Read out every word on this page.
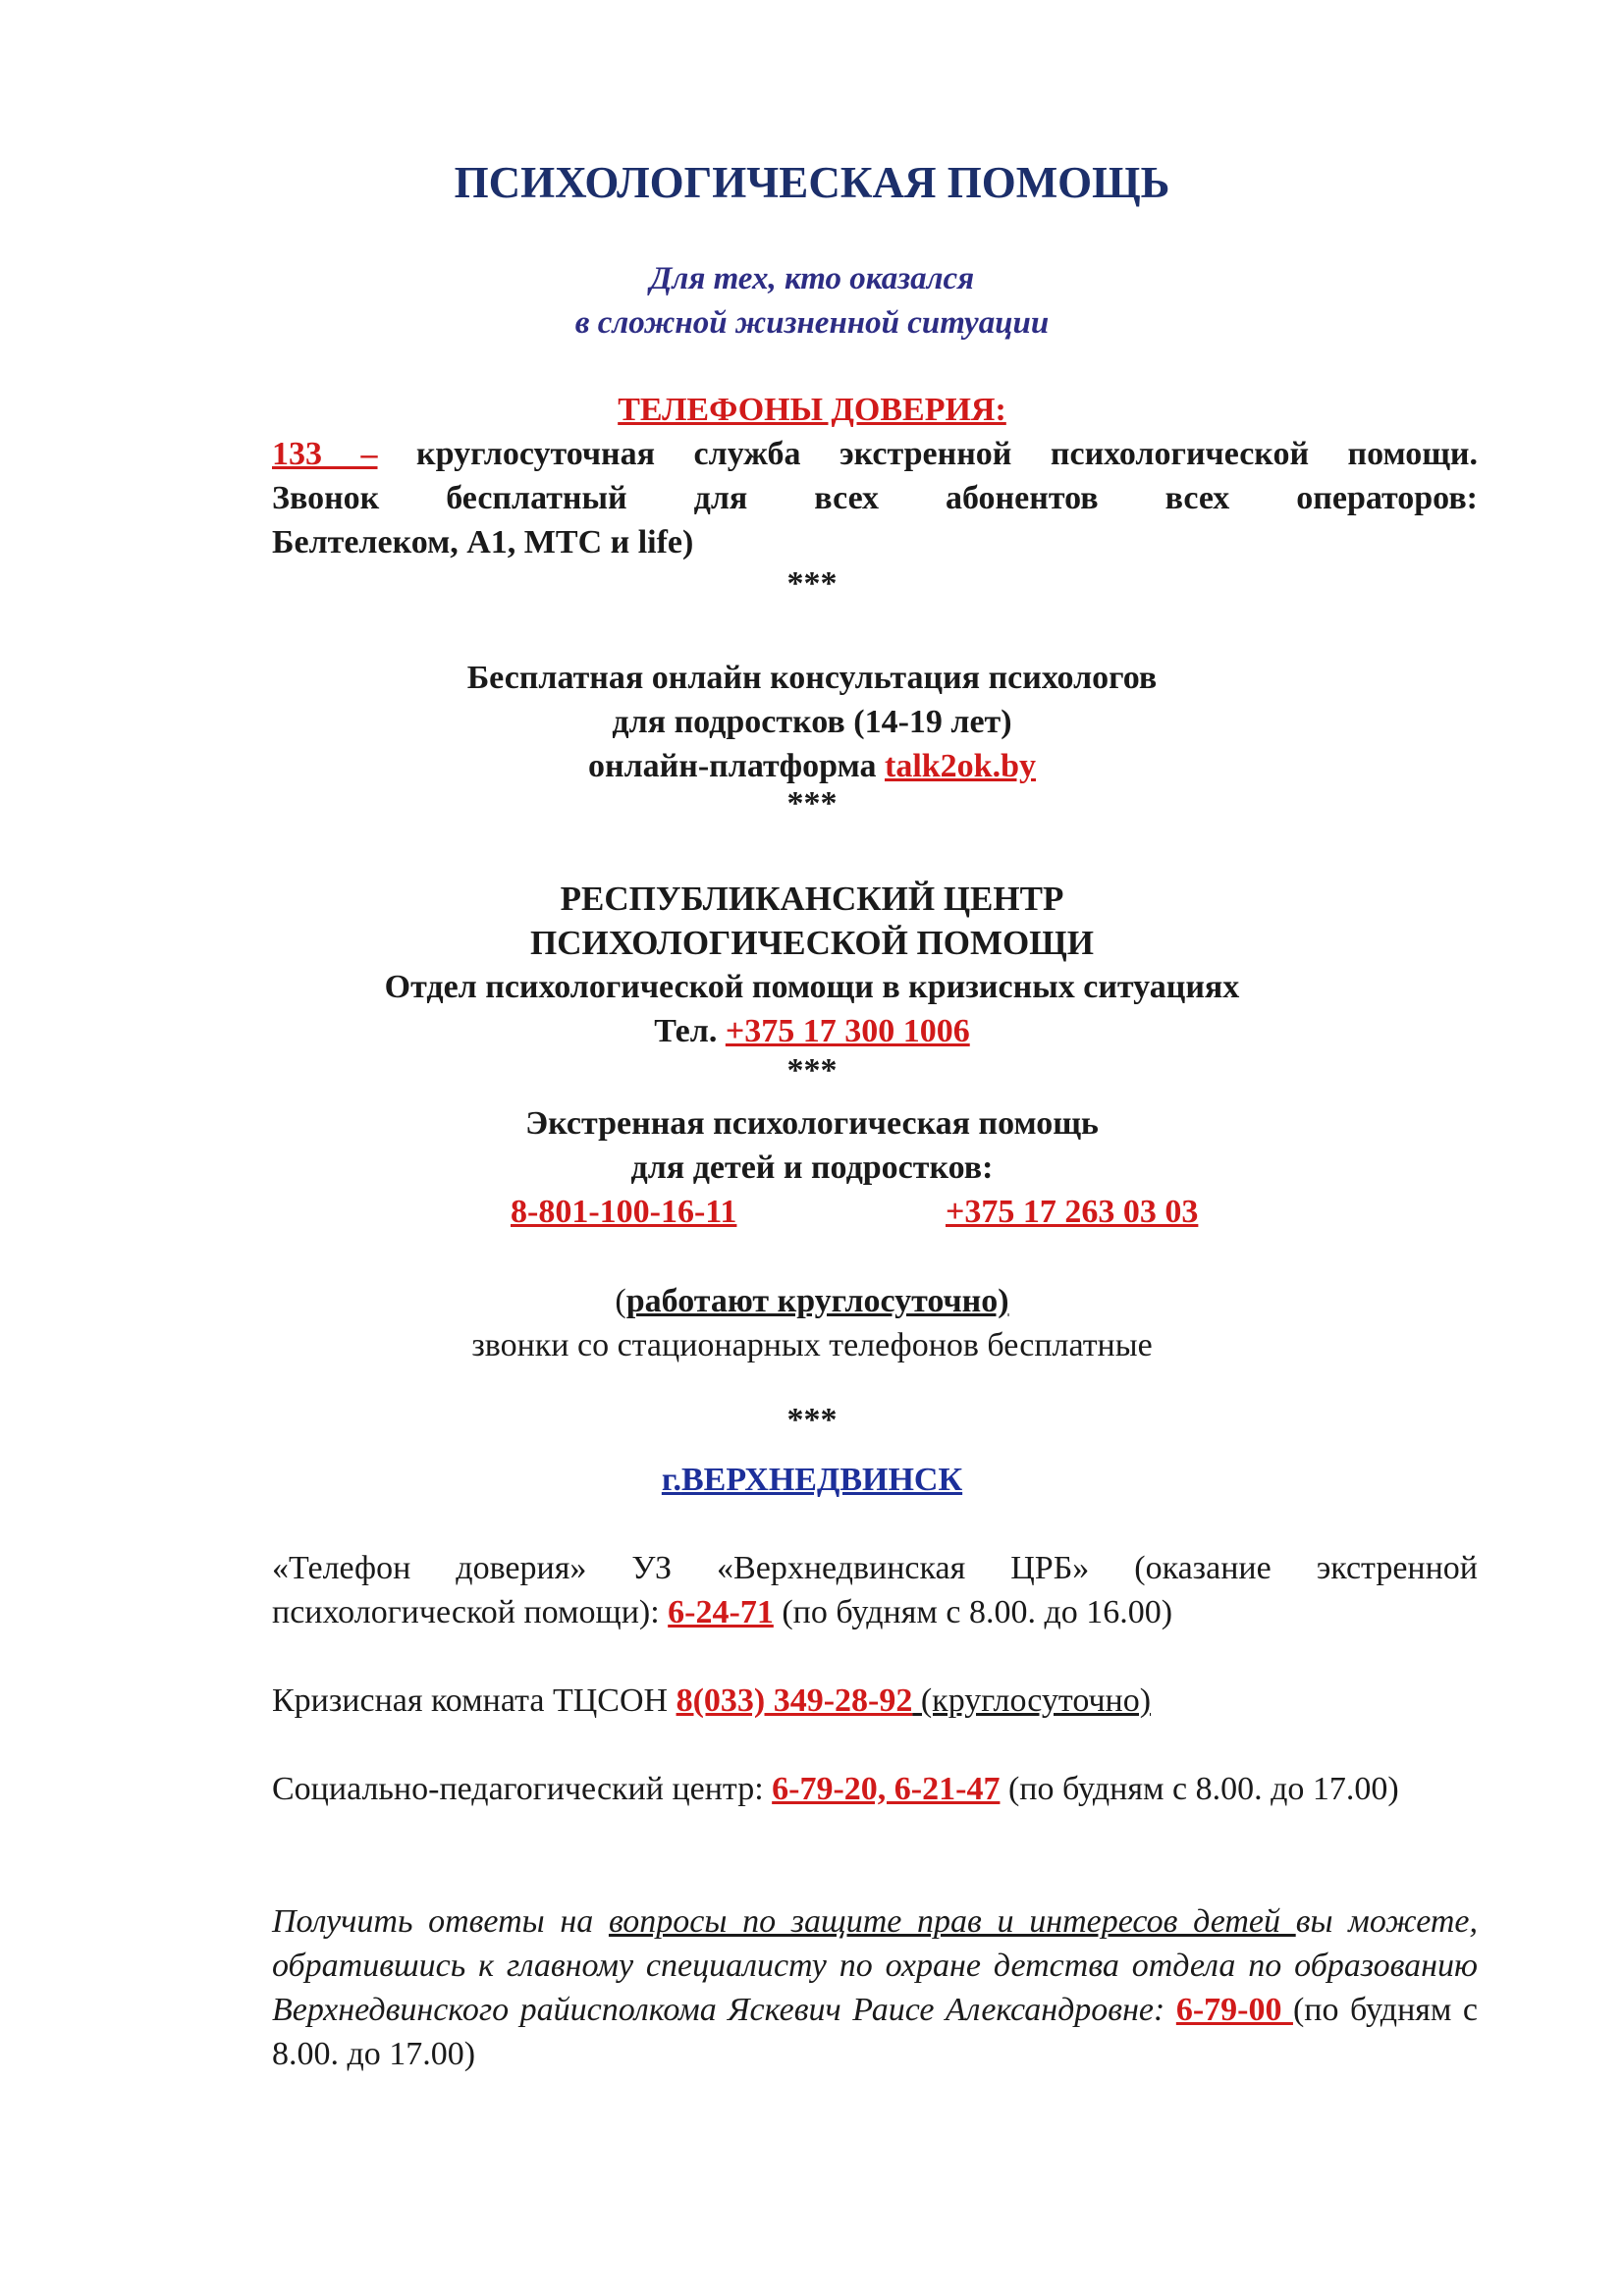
ПСИХОЛОГИЧЕСКАЯ ПОМОЩЬ
Для тех, кто оказался
в сложной жизненной ситуации
ТЕЛЕФОНЫ ДОВЕРИЯ:
133 – круглосуточная служба экстренной психологической помощи.
Звонок бесплатный для всех абонентов всех операторов:
Белтелеком, А1, МТС и life)
***
Бесплатная онлайн консультация психологов
для подростков (14-19 лет)
онлайн-платформа talk2ok.by
***
РЕСПУБЛИКАНСКИЙ ЦЕНТР
ПСИХОЛОГИЧЕСКОЙ ПОМОЩИ
Отдел психологической помощи в кризисных ситуациях
Тел. +375 17 300 1006
***
Экстренная психологическая помощь
для детей и подростков:
8-801-100-16-11	+375 17 263 03 03
(работают круглосуточно)
звонки со стационарных телефонов бесплатные
***
г.ВЕРХНЕДВИНСК
«Телефон доверия» УЗ «Верхнедвинская ЦРБ» (оказание экстренной психологической помощи): 6-24-71 (по будням с 8.00. до 16.00)
Кризисная комната ТЦСОН 8(033) 349-28-92 (круглосуточно)
Социально-педагогический центр: 6-79-20, 6-21-47 (по будням с 8.00. до 17.00)
Получить ответы на вопросы по защите прав и интересов детей вы можете, обратившись к главному специалисту по охране детства отдела по образованию Верхнедвинского райисполкома Яскевич Раисе Александровне: 6-79-00 (по будням с 8.00. до 17.00)
